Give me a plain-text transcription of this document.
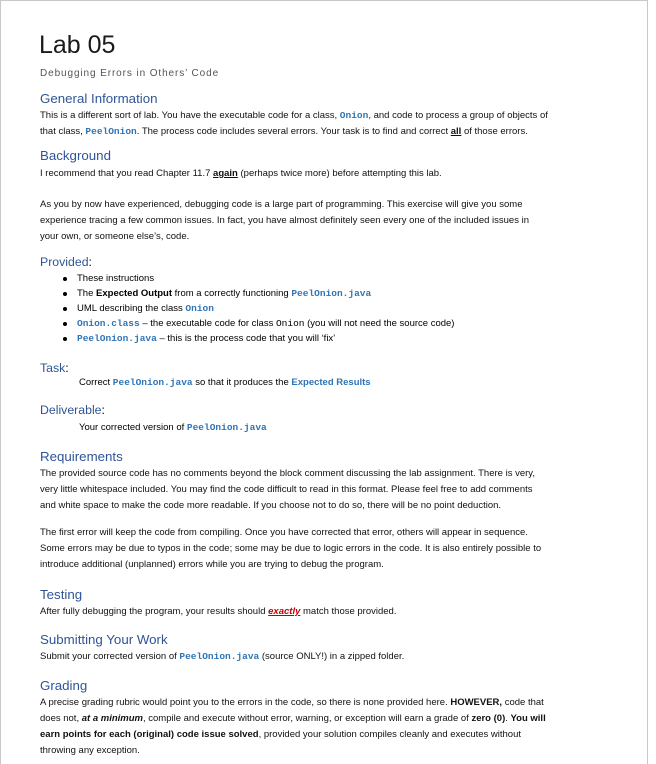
Lab 05
Debugging Errors in Others’ Code
General Information
This is a different sort of lab. You have the executable code for a class, Onion, and code to process a group of objects of
that class, PeelOnion. The process code includes several errors. Your task is to find and correct all of those errors.
Background
I recommend that you read Chapter 11.7 again (perhaps twice more) before attempting this lab.
As you by now have experienced, debugging code is a large part of programming. This exercise will give you some
experience tracing a few common issues. In fact, you have almost definitely seen every one of the included issues in
your own, or someone else’s, code.
Provided:
These instructions
The Expected Output from a correctly functioning PeelOnion.java
UML describing the class Onion
Onion.class – the executable code for class Onion (you will not need the source code)
PeelOnion.java – this is the process code that you will ‘fix’
Task:
Correct PeelOnion.java so that it produces the Expected Results
Deliverable:
Your corrected version of PeelOnion.java
Requirements
The provided source code has no comments beyond the block comment discussing the lab assignment. There is very,
very little whitespace included. You may find the code difficult to read in this format. Please feel free to add comments
and white space to make the code more readable. If you choose not to do so, there will be no point deduction.
The first error will keep the code from compiling. Once you have corrected that error, others will appear in sequence.
Some errors may be due to typos in the code; some may be due to logic errors in the code. It is also entirely possible to
introduce additional (unplanned) errors while you are trying to debug the program.
Testing
After fully debugging the program, your results should exactly match those provided.
Submitting Your Work
Submit your corrected version of PeelOnion.java (source ONLY!) in a zipped folder.
Grading
A precise grading rubric would point you to the errors in the code, so there is none provided here. HOWEVER, code that
does not, at a minimum, compile and execute without error, warning, or exception will earn a grade of zero (0). You will
earn points for each (original) code issue solved, provided your solution compiles cleanly and executes without
throwing any exception.
